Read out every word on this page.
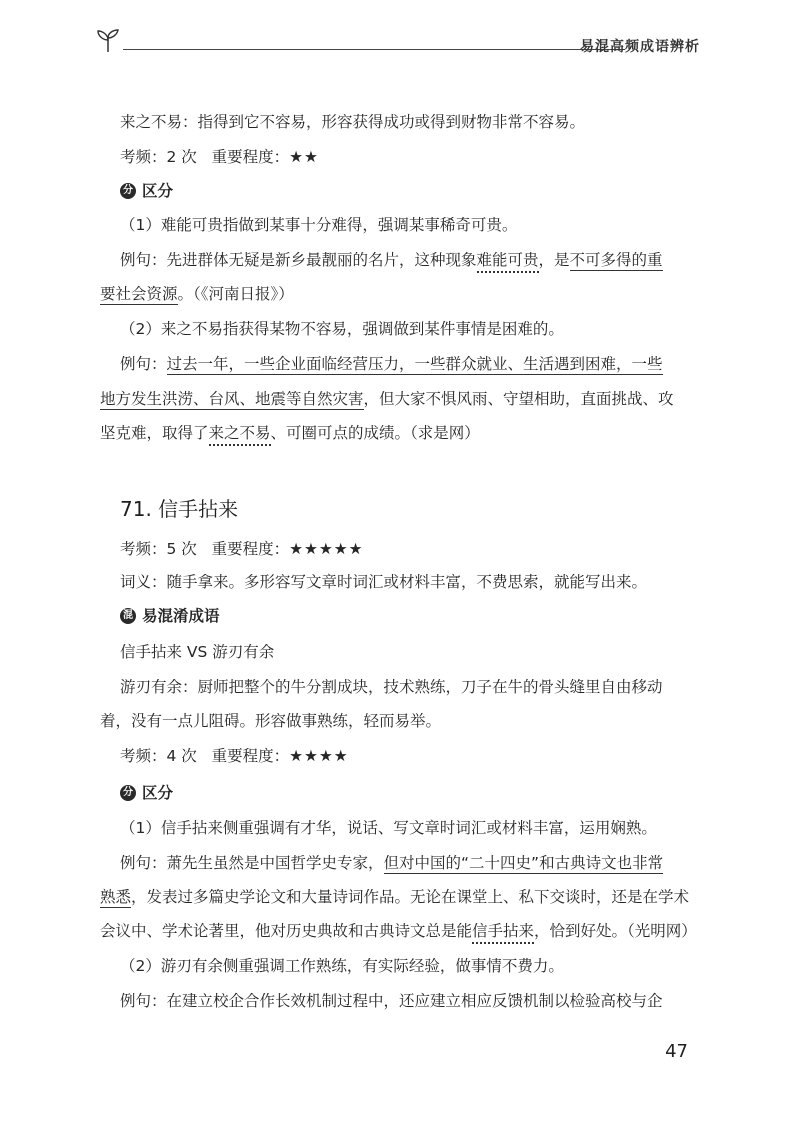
易混高频成语辨析
来之不易：指得到它不容易，形容获得成功或得到财物非常不容易。
考频：2 次 重要程度：★★
分 区分
（1）难能可贵指做到某事十分难得，强调某事稀奇可贵。
例句：先进群体无疑是新乡最靓丽的名片，这种现象难能可贵，是不可多得的重
要社会资源。（《河南日报》）
（2）来之不易指获得某物不容易，强调做到某件事情是困难的。
例句：过去一年，一些企业面临经营压力，一些群众就业、生活遇到困难，一些
地方发生洪涝、台风、地震等自然灾害，但大家不惧风雨、守望相助，直面挑战、攻
坚克难，取得了来之不易、可圈可点的成绩。（求是网）
71. 信手拈来
考频：5 次 重要程度：★★★★★
词义：随手拿来。多形容写文章时词汇或材料丰富，不费思索，就能写出来。
混 易混淆成语
信手拈来 VS 游刃有余
游刃有余：厨师把整个的牛分割成块，技术熟练，刀子在牛的骨头缝里自由移动
着，没有一点儿阻碍。形容做事熟练，轻而易举。
考频：4 次 重要程度：★★★★
分 区分
（1）信手拈来侧重强调有才华，说话、写文章时词汇或材料丰富，运用娴熟。
例句：萧先生虽然是中国哲学史专家，但对中国的“二十四史”和古典诗文也非常
熟悉，发表过多篇史学论文和大量诗词作品。无论在课堂上、私下交谈时，还是在学术
会议中、学术论著里，他对历史典故和古典诗文总是能信手拈来，恰到好处。（光明网）
（2）游刃有余侧重强调工作熟练，有实际经验，做事情不费力。
例句：在建立校企合作长效机制过程中，还应建立相应反馈机制以检验高校与企
47
